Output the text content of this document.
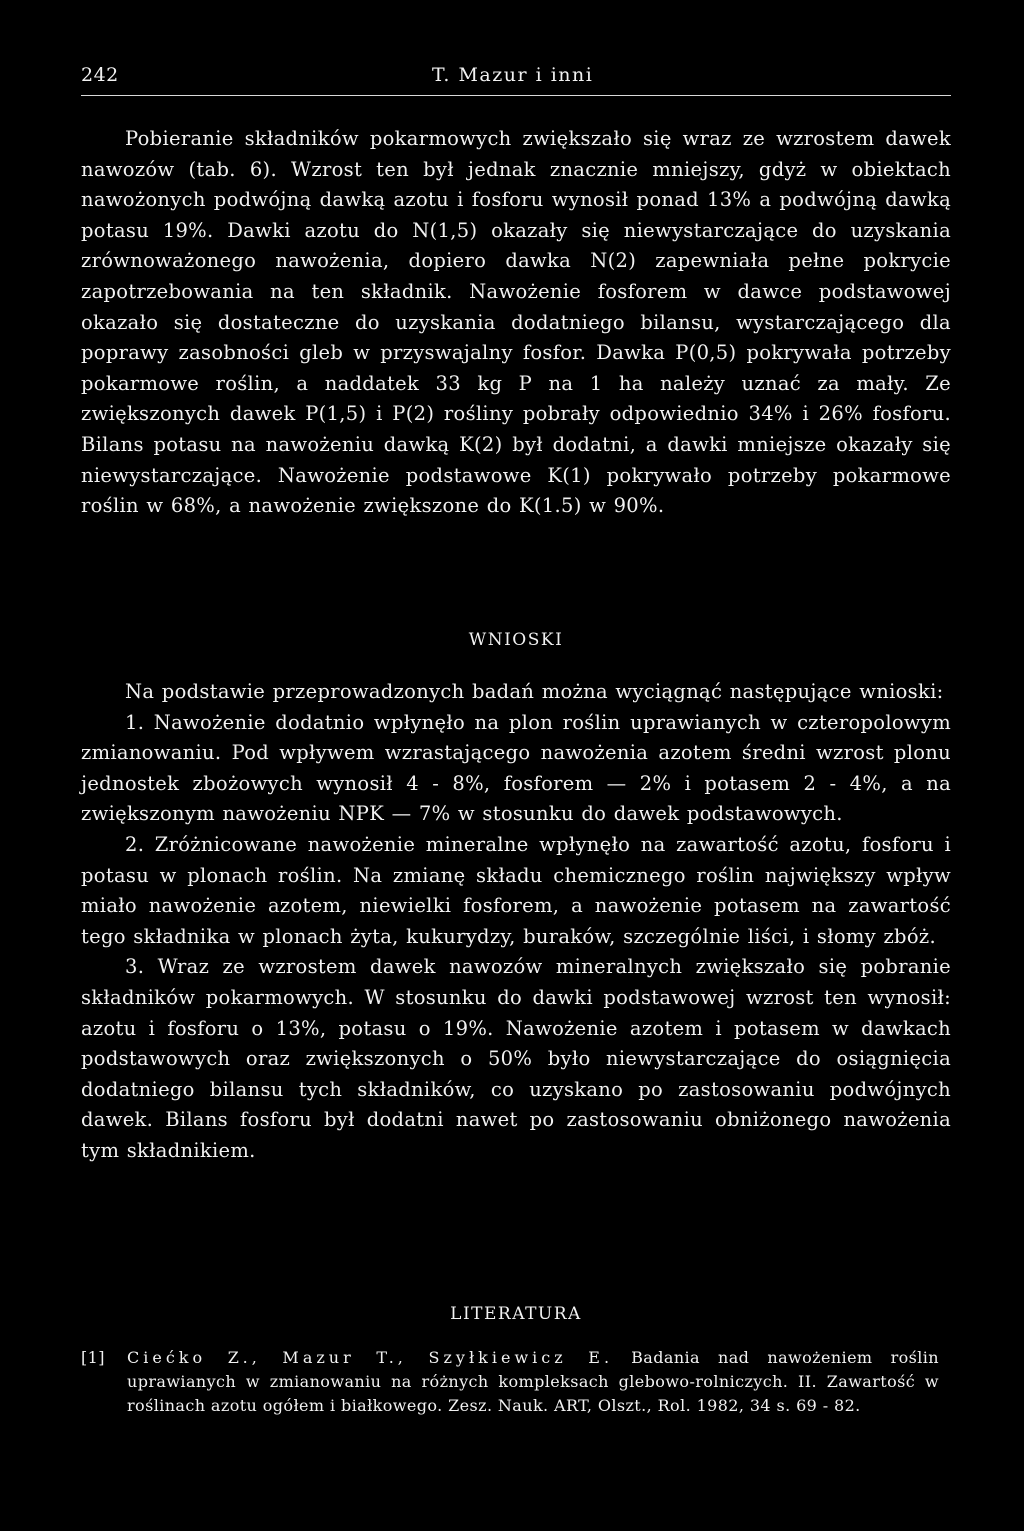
242	T. Mazur i inni

Pobieranie składników pokarmowych zwiększało się wraz ze wzrostem dawek nawozów (tab. 6). Wzrost ten był jednak znacznie mniejszy, gdyż w obiektach nawożonych podwójną dawką azotu i fosforu wynosił ponad 13% a podwójną dawką potasu 19%. Dawki azotu do N(1,5) okazały się niewystarczające do uzyskania zrównoważonego nawożenia, dopiero dawka N(2) zapewniała pełne pokrycie zapotrzebowania na ten składnik. Nawożenie fosforem w dawce podstawowej okazało się dostateczne do uzyskania dodatniego bilansu, wystarczającego dla poprawy zasobności gleb w przyswajalny fosfor. Dawka P(0,5) pokrywała potrzeby pokarmowe roślin, a naddatek 33 kg P na 1 ha należy uznać za mały. Ze zwiększonych dawek P(1,5) i P(2) rośliny pobrały odpowiednio 34% i 26% fosforu. Bilans potasu na nawożeniu dawką K(2) był dodatni, a dawki mniejsze okazały się niewystarczające. Nawożenie podstawowe K(1) pokrywało potrzeby pokarmowe roślin w 68%, a nawożenie zwiększone do K(1.5) w 90%.

WNIOSKI

Na podstawie przeprowadzonych badań można wyciągnąć następujące wnioski:

1. Nawożenie dodatnio wpłynęło na plon roślin uprawianych w czteropolowym zmianowaniu. Pod wpływem wzrastającego nawożenia azotem średni wzrost plonu jednostek zbożowych wynosił 4 - 8%, fosforem — 2% i potasem 2 - 4%, a na zwiększonym nawożeniu NPK — 7% w stosunku do dawek podstawowych.

2. Zróżnicowane nawożenie mineralne wpłynęło na zawartość azotu, fosforu i potasu w plonach roślin. Na zmianę składu chemicznego roślin największy wpływ miało nawożenie azotem, niewielki fosforem, a nawożenie potasem na zawartość tego składnika w plonach żyta, kukurydzy, buraków, szczególnie liści, i słomy zbóż.

3. Wraz ze wzrostem dawek nawozów mineralnych zwiększało się pobranie składników pokarmowych. W stosunku do dawki podstawowej wzrost ten wynosił: azotu i fosforu o 13%, potasu o 19%. Nawożenie azotem i potasem w dawkach podstawowych oraz zwiększonych o 50% było niewystarczające do osiągnięcia dodatniego bilansu tych składników, co uzyskano po zastosowaniu podwójnych dawek. Bilans fosforu był dodatni nawet po zastosowaniu obniżonego nawożenia tym składnikiem.

LITERATURA
[1] Ciećko Z., Mazur T., Szyłkiewicz E. Badania nad nawożeniem roślin uprawianych w zmianowaniu na różnych kompleksach glebowo-rolniczych. II. Zawartość w roślinach azotu ogółem i białkowego. Zesz. Nauk. ART, Olszt., Rol. 1982, 34 s. 69 - 82.
